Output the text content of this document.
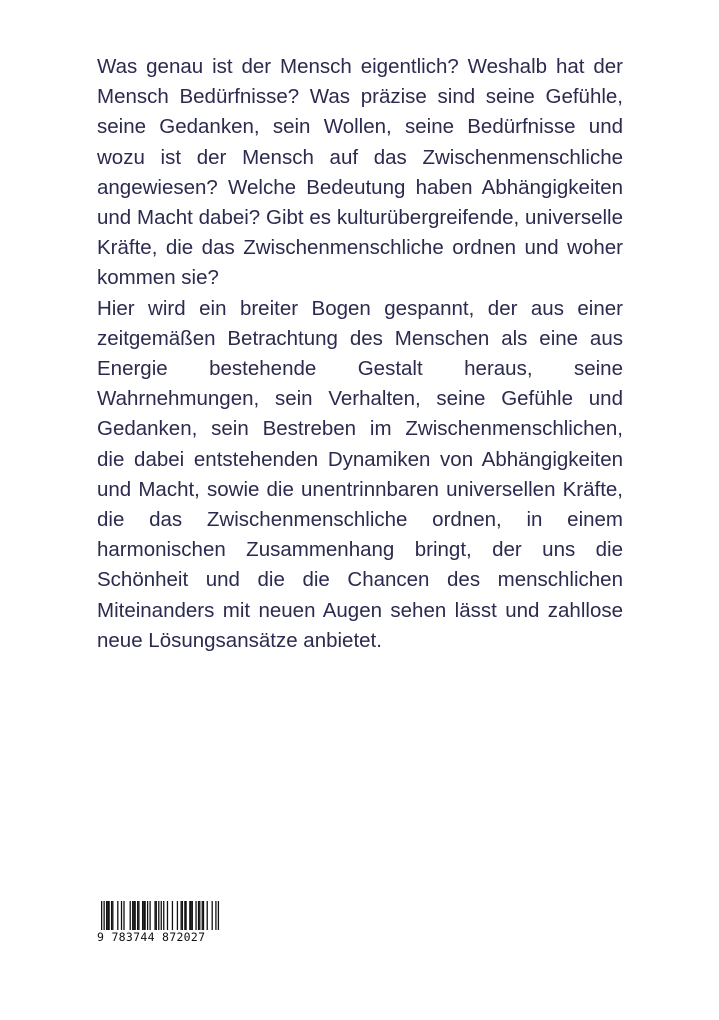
Was genau ist der Mensch eigentlich? Weshalb hat der Mensch Bedürfnisse? Was präzise sind seine Gefühle, seine Gedanken, sein Wollen, seine Bedürfnisse und wozu ist der Mensch auf das Zwischenmenschliche angewiesen? Welche Bedeutung haben Abhängigkeiten und Macht dabei? Gibt es kulturübergreifende, universelle Kräfte, die das Zwischenmenschliche ordnen und woher kommen sie?

Hier wird ein breiter Bogen gespannt, der aus einer zeitgemäßen Betrachtung des Menschen als eine aus Energie bestehende Gestalt heraus, seine Wahrnehmungen, sein Verhalten, seine Gefühle und Gedanken, sein Bestreben im Zwischenmenschlichen, die dabei entstehenden Dynamiken von Abhängigkeiten und Macht, sowie die unentrinnbaren universellen Kräfte, die das Zwischenmenschliche ordnen, in einem harmonischen Zusammenhang bringt, der uns die Schönheit und die die Chancen des menschlichen Miteinanders mit neuen Augen sehen lässt und zahllose neue Lösungsansätze anbietet.

9 783744 872027
